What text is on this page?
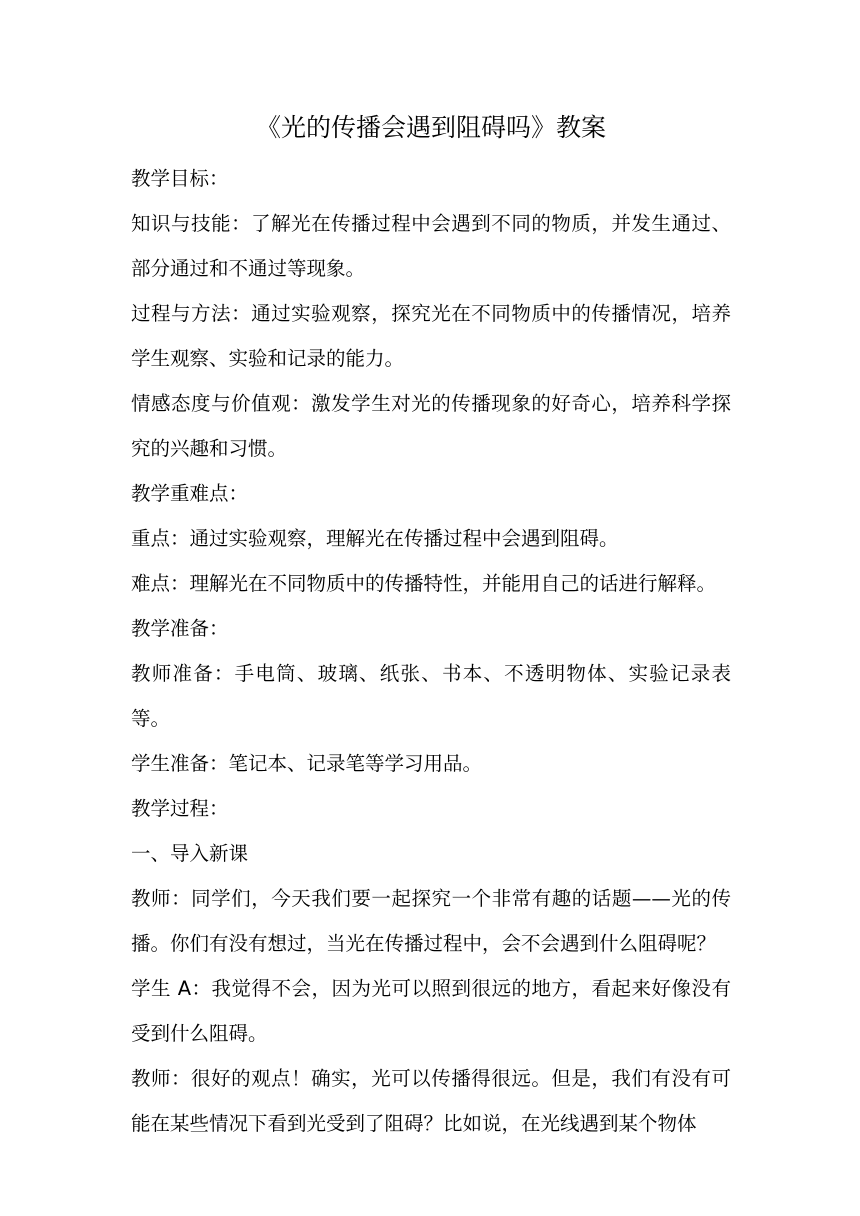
《光的传播会遇到阻碍吗》教案

教学目标：

知识与技能：了解光在传播过程中会遇到不同的物质，并发生通过、部分通过和不通过等现象。

过程与方法：通过实验观察，探究光在不同物质中的传播情况，培养学生观察、实验和记录的能力。

情感态度与价值观：激发学生对光的传播现象的好奇心，培养科学探究的兴趣和习惯。

教学重难点：

重点：通过实验观察，理解光在传播过程中会遇到阻碍。

难点：理解光在不同物质中的传播特性，并能用自己的话进行解释。

教学准备：

教师准备：手电筒、玻璃、纸张、书本、不透明物体、实验记录表等。

学生准备：笔记本、记录笔等学习用品。

教学过程：

一、导入新课

教师：同学们，今天我们要一起探究一个非常有趣的话题——光的传播。你们有没有想过，当光在传播过程中，会不会遇到什么阻碍呢？

学生 A：我觉得不会，因为光可以照到很远的地方，看起来好像没有受到什么阻碍。

教师：很好的观点！确实，光可以传播得很远。但是，我们有没有可能在某些情况下看到光受到了阻碍？比如说，在光线遇到某个物体
